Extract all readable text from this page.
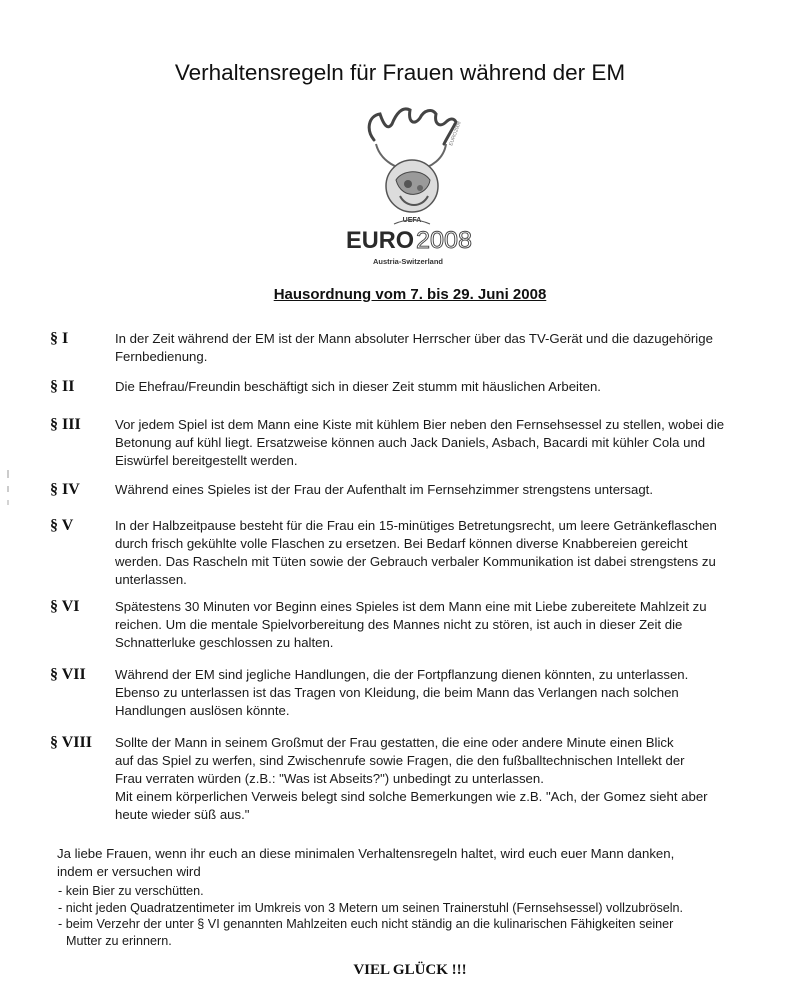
Verhaltensregeln für Frauen während der EM
EURO2008
UEFA
EURO 2008
Austria-Switzerland
Hausordnung vom 7. bis 29. Juni 2008
§ I	In der Zeit während der EM ist der Mann absoluter Herrscher über das TV-Gerät und die dazugehörige
Fernbedienung.
§ II	Die Ehefrau/Freundin beschäftigt sich in dieser Zeit stumm mit häuslichen Arbeiten.
§ III	Vor jedem Spiel ist dem Mann eine Kiste mit kühlem Bier neben den Fernsehsessel zu stellen, wobei die
Betonung auf kühl liegt. Ersatzweise können auch Jack Daniels, Asbach, Bacardi mit kühler Cola und
Eiswürfel bereitgestellt werden.
§ IV	Während eines Spieles ist der Frau der Aufenthalt im Fernsehzimmer strengstens untersagt.
§ V	In der Halbzeitpause besteht für die Frau ein 15-minütiges Betretungsrecht, um leere Getränkeflaschen
durch frisch gekühlte volle Flaschen zu ersetzen. Bei Bedarf können diverse Knabbereien gereicht
werden. Das Rascheln mit Tüten sowie der Gebrauch verbaler Kommunikation ist dabei strengstens zu
unterlassen.
§ VI	Spätestens 30 Minuten vor Beginn eines Spieles ist dem Mann eine mit Liebe zubereitete Mahlzeit zu
reichen. Um die mentale Spielvorbereitung des Mannes nicht zu stören, ist auch in dieser Zeit die
Schnatterluke geschlossen zu halten.
§ VII Während der EM sind jegliche Handlungen, die der Fortpflanzung dienen könnten, zu unterlassen.
Ebenso zu unterlassen ist das Tragen von Kleidung, die beim Mann das Verlangen nach solchen
Handlungen auslösen könnte.
§ VIII Sollte der Mann in seinem Großmut der Frau gestatten, die eine oder andere Minute einen Blick
auf das Spiel zu werfen, sind Zwischenrufe sowie Fragen, die den fußballtechnischen Intellekt der
Frau verraten würden (z.B.: "Was ist Abseits?") unbedingt zu unterlassen.
Mit einem körperlichen Verweis belegt sind solche Bemerkungen wie z.B. "Ach, der Gomez sieht aber
heute wieder süß aus."
Ja liebe Frauen, wenn ihr euch an diese minimalen Verhaltensregeln haltet, wird euch euer Mann danken,
indem er versuchen wird
- kein Bier zu verschütten.
- nicht jeden Quadratzentimeter im Umkreis von 3 Metern um seinen Trainerstuhl (Fernsehsessel) vollzubröseln.
- beim Verzehr der unter § VI genannten Mahlzeiten euch nicht ständig an die kulinarischen Fähigkeiten seiner
Mutter zu erinnern.
VIEL GLÜCK !!!
